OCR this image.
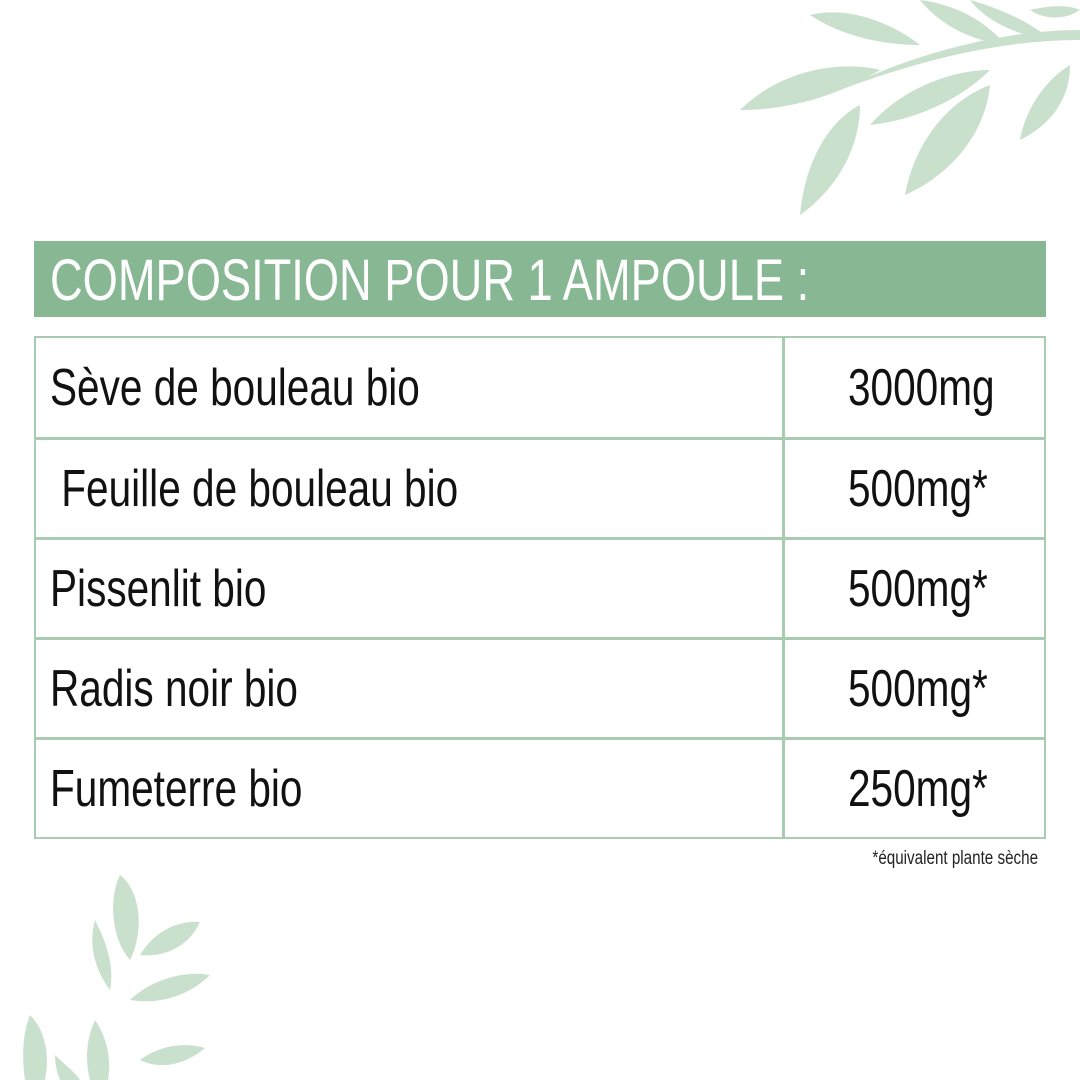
COMPOSITION POUR 1 AMPOULE :
Sève de bouleau bio	3000mg
Feuille de bouleau bio	500mg*
Pissenlit bio	500mg*
Radis noir bio	500mg*
Fumeterre bio	250mg*
*équivalent plante sèche
